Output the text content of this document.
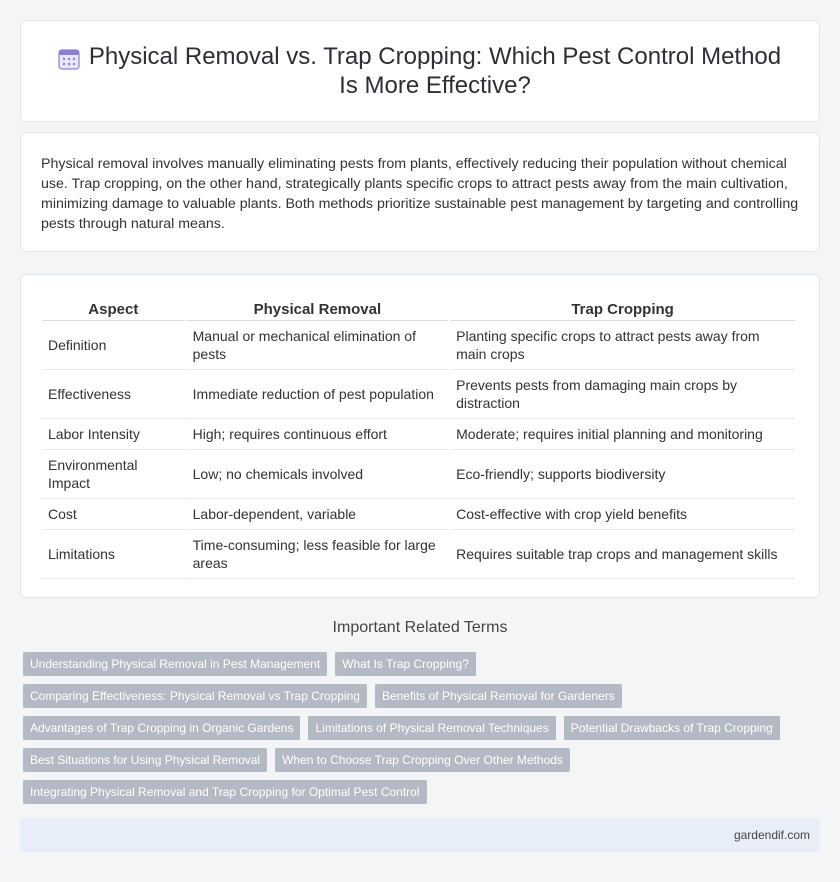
Physical Removal vs. Trap Cropping: Which Pest Control Method Is More Effective?

Physical removal involves manually eliminating pests from plants, effectively reducing their population without chemical use. Trap cropping, on the other hand, strategically plants specific crops to attract pests away from the main cultivation, minimizing damage to valuable plants. Both methods prioritize sustainable pest management by targeting and controlling pests through natural means.

Aspect	Physical Removal	Trap Cropping
Definition	Manual or mechanical elimination of pests	Planting specific crops to attract pests away from main crops
Effectiveness	Immediate reduction of pest population	Prevents pests from damaging main crops by distraction
Labor Intensity	High; requires continuous effort	Moderate; requires initial planning and monitoring
Environmental Impact	Low; no chemicals involved	Eco-friendly; supports biodiversity
Cost	Labor-dependent, variable	Cost-effective with crop yield benefits
Limitations	Time-consuming; less feasible for large areas	Requires suitable trap crops and management skills
Important Related Terms
Understanding Physical Removal in Pest Management	What Is Trap Cropping?
Comparing Effectiveness: Physical Removal vs Trap Cropping	Benefits of Physical Removal for Gardeners
Advantages of Trap Cropping in Organic Gardens	Limitations of Physical Removal Techniques	Potential Drawbacks of Trap Cropping
Best Situations for Using Physical Removal	When to Choose Trap Cropping Over Other Methods
Integrating Physical Removal and Trap Cropping for Optimal Pest Control
gardendif.com
